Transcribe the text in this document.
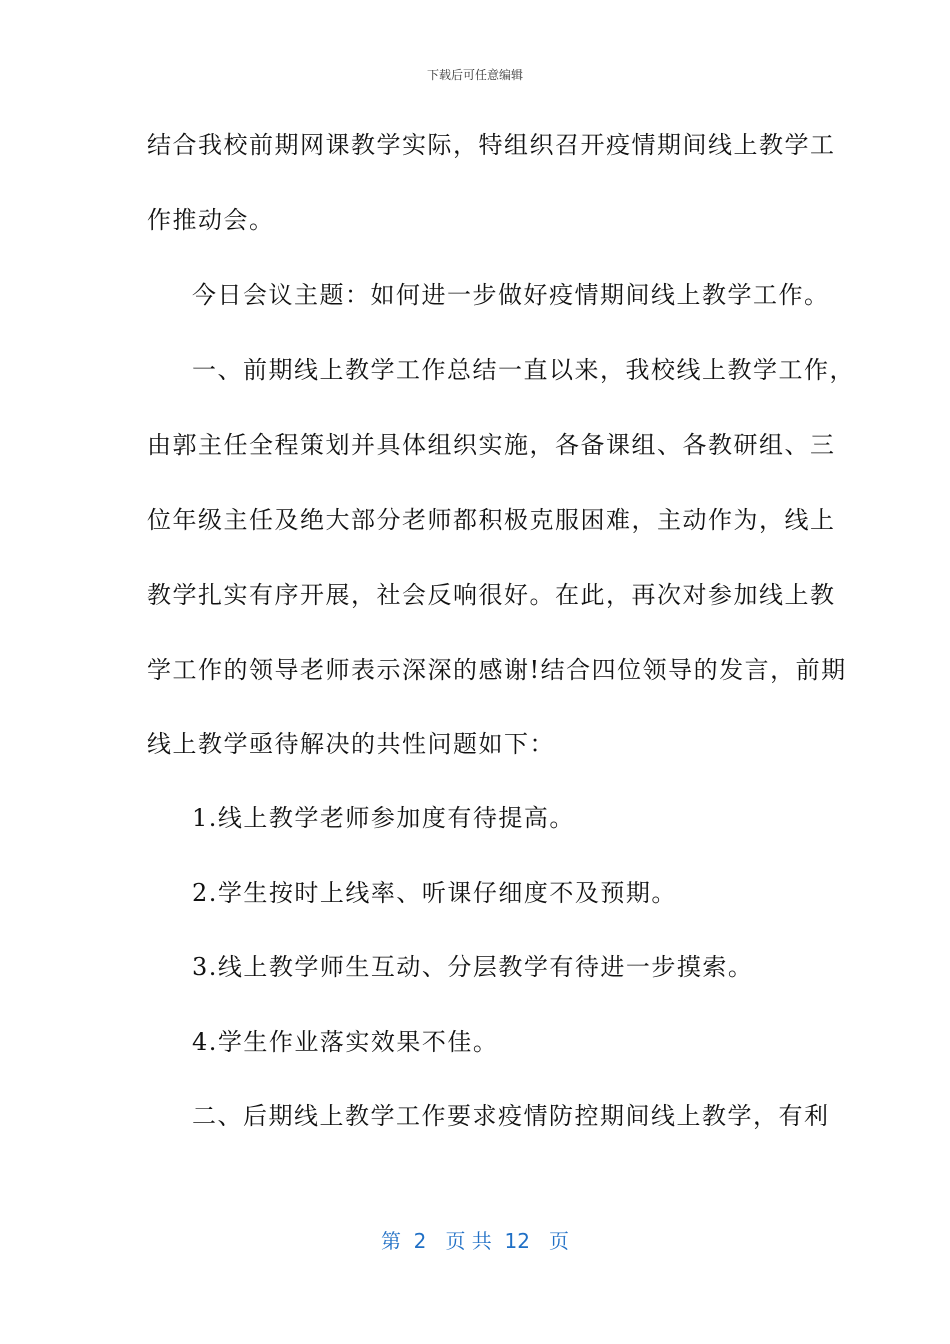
下载后可任意编辑
结合我校前期网课教学实际，特组织召开疫情期间线上教学工
作推动会。
今日会议主题：如何进一步做好疫情期间线上教学工作。
一、前期线上教学工作总结一直以来，我校线上教学工作，
由郭主任全程策划并具体组织实施，各备课组、各教研组、三
位年级主任及绝大部分老师都积极克服困难，主动作为，线上
教学扎实有序开展，社会反响很好。在此，再次对参加线上教
学工作的领导老师表示深深的感谢!结合四位领导的发言，前期
线上教学亟待解决的共性问题如下：
1.线上教学老师参加度有待提高。
2.学生按时上线率、听课仔细度不及预期。
3.线上教学师生互动、分层教学有待进一步摸索。
4.学生作业落实效果不佳。
二、后期线上教学工作要求疫情防控期间线上教学，有利
第  2   页 共  12   页
